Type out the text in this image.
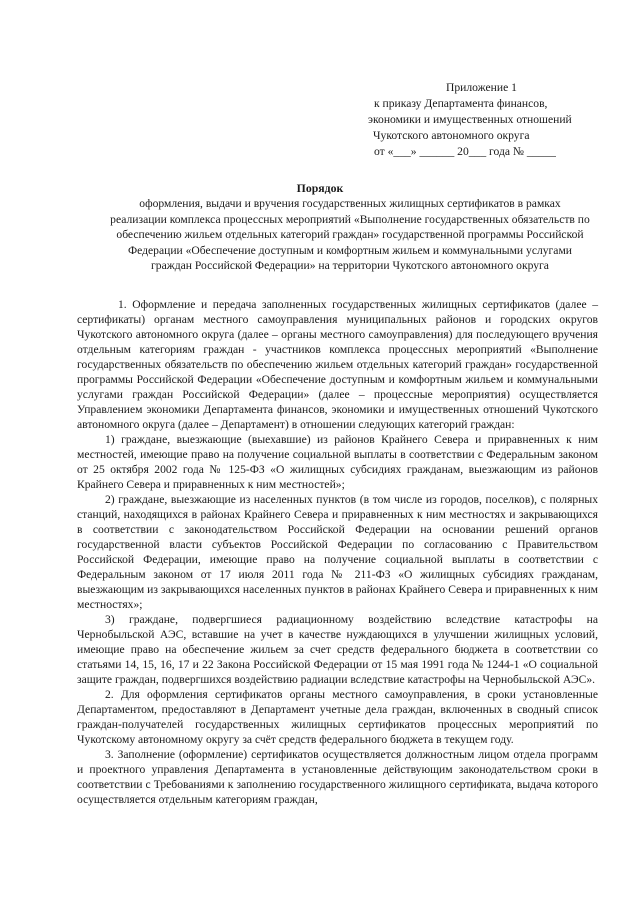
Приложение 1
к приказу Департамента финансов,
экономики и имущественных отношений
Чукотского автономного округа
от «___» ______ 20___ года № _____
Порядок
оформления, выдачи и вручения государственных жилищных сертификатов в рамках реализации комплекса процессных мероприятий «Выполнение государственных обязательств по обеспечению жильем отдельных категорий граждан» государственной программы Российской Федерации «Обеспечение доступным и комфортным жильем и коммунальными услугами граждан Российской Федерации» на территории Чукотского автономного округа

1. Оформление и передача заполненных государственных жилищных сертификатов (далее – сертификаты) органам местного самоуправления муниципальных районов и городских округов Чукотского автономного округа (далее – органы местного самоуправления) для последующего вручения отдельным категориям граждан - участников комплекса процессных мероприятий «Выполнение государственных обязательств по обеспечению жильем отдельных категорий граждан» государственной программы Российской Федерации «Обеспечение доступным и комфортным жильем и коммунальными услугами граждан Российской Федерации» (далее – процессные мероприятия) осуществляется Управлением экономики Департамента финансов, экономики и имущественных отношений Чукотского автономного округа (далее – Департамент) в отношении следующих категорий граждан:

1) граждане, выезжающие (выехавшие) из районов Крайнего Севера и приравненных к ним местностей, имеющие право на получение социальной выплаты в соответствии с Федеральным законом от 25 октября 2002 года № 125-ФЗ «О жилищных субсидиях гражданам, выезжающим из районов Крайнего Севера и приравненных к ним местностей»;

2) граждане, выезжающие из населенных пунктов (в том числе из городов, поселков), с полярных станций, находящихся в районах Крайнего Севера и приравненных к ним местностях и закрывающихся в соответствии с законодательством Российской Федерации на основании решений органов государственной власти субъектов Российской Федерации по согласованию с Правительством Российской Федерации, имеющие право на получение социальной выплаты в соответствии с Федеральным законом от 17 июля 2011 года № 211-ФЗ «О жилищных субсидиях гражданам, выезжающим из закрывающихся населенных пунктов в районах Крайнего Севера и приравненных к ним местностях»;

3) граждане, подвергшиеся радиационному воздействию вследствие катастрофы на Чернобыльской АЭС, вставшие на учет в качестве нуждающихся в улучшении жилищных условий, имеющие право на обеспечение жильем за счет средств федерального бюджета в соответствии со статьями 14, 15, 16, 17 и 22 Закона Российской Федерации от 15 мая 1991 года № 1244-1 «О социальной защите граждан, подвергшихся воздействию радиации вследствие катастрофы на Чернобыльской АЭС».

2. Для оформления сертификатов органы местного самоуправления, в сроки установленные Департаментом, предоставляют в Департамент учетные дела граждан, включенных в сводный список граждан-получателей государственных жилищных сертификатов процессных мероприятий по Чукотскому автономному округу за счёт средств федерального бюджета в текущем году.

3. Заполнение (оформление) сертификатов осуществляется должностным лицом отдела программ и проектного управления Департамента в установленные действующим законодательством сроки в соответствии с Требованиями к заполнению государственного жилищного сертификата, выдача которого осуществляется отдельным категориям граждан,
